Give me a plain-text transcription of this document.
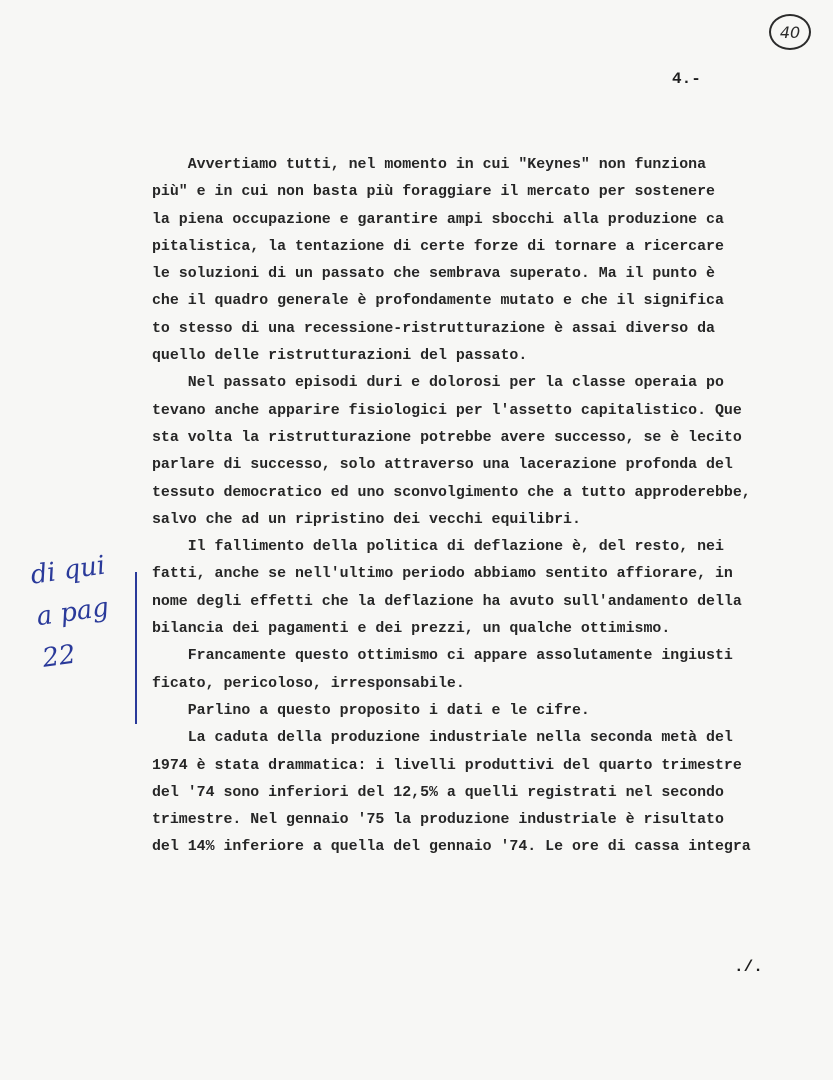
40
4.-
Avvertiamo tutti, nel momento in cui "Keynes" non funziona
più" e in cui non basta più foraggiare il mercato per sostenere
la piena occupazione e garantire ampi sbocchi alla produzione ca
pitalistica, la tentazione di certe forze di tornare a ricercare
le soluzioni di un passato che sembrava superato. Ma il punto è
che il quadro generale è profondamente mutato e che il significa
to stesso di una recessione-ristrutturazione è assai diverso da
quello delle ristrutturazioni del passato.
Nel passato episodi duri e dolorosi per la classe operaia po
tevano anche apparire fisiologici per l'assetto capitalistico. Que
sta volta la ristrutturazione potrebbe avere successo, se è lecito
parlare di successo, solo attraverso una lacerazione profonda del
tessuto democratico ed uno sconvolgimento che a tutto approderebbe,
salvo che ad un ripristino dei vecchi equilibri.
Il fallimento della politica di deflazione è, del resto, nei
fatti, anche se nell'ultimo periodo abbiamo sentito affiorare, in
nome degli effetti che la deflazione ha avuto sull'andamento della
bilancia dei pagamenti e dei prezzi, un qualche ottimismo.
Francamente questo ottimismo ci appare assolutamente ingiusti
ficato, pericoloso, irresponsabile.
Parlino a questo proposito i dati e le cifre.
La caduta della produzione industriale nella seconda metà del
1974 è stata drammatica: i livelli produttivi del quarto trimestre
del '74 sono inferiori del 12,5% a quelli registrati nel secondo
trimestre. Nel gennaio '75 la produzione industriale è risultato
del 14% inferiore a quella del gennaio '74. Le ore di cassa integra
di qui
a pag
22
./.
